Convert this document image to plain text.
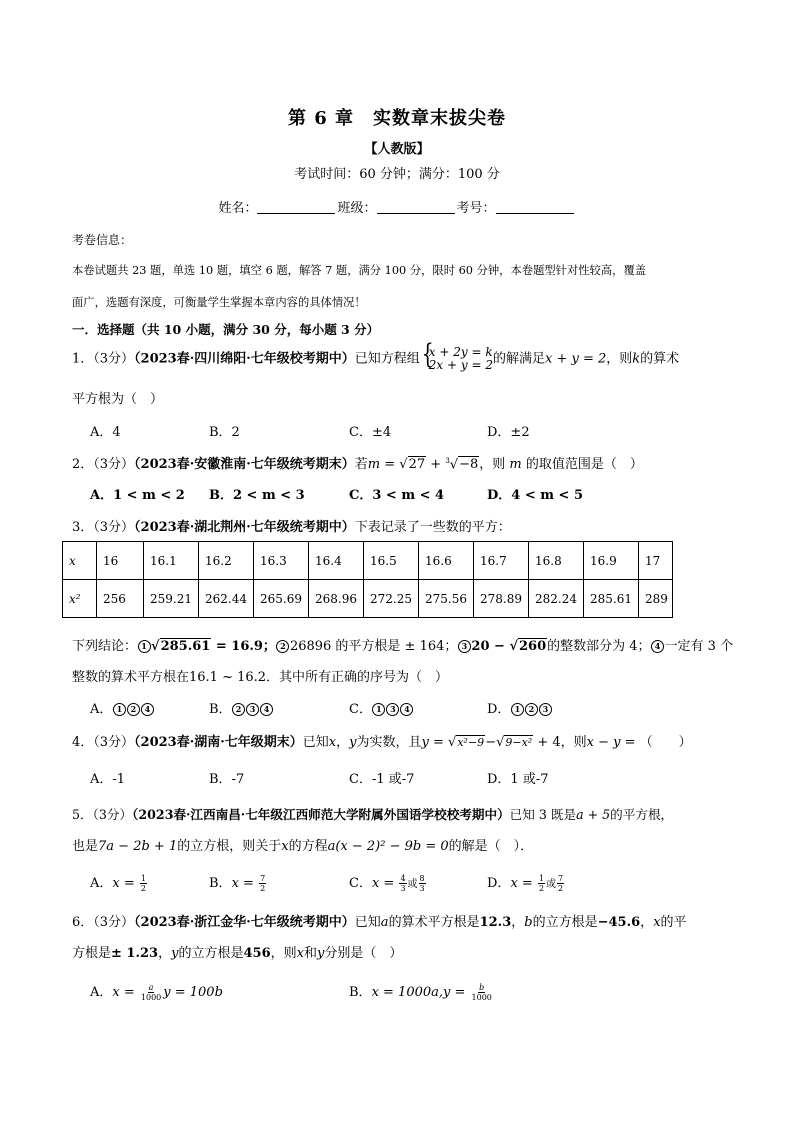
第 6 章　实数章末拔尖卷
【人教版】
考试时间：60 分钟；满分：100 分
姓名：	班级：	考号：
考卷信息：
本卷试题共 23 题，单选 10 题，填空 6 题，解答 7 题，满分 100 分，限时 60 分钟，本卷题型针对性较高，覆盖
面广，选题有深度，可衡量学生掌握本章内容的具体情况！
一．选择题（共 10 小题，满分 30 分，每小题 3 分）
1．（3分）（2023春·四川绵阳·七年级校考期中）已知方程组 { x + 2y = k
2x + y = 2 的解满足x + y = 2，则k的算术
平方根为（　）
A．4	B．2	C．±4	D．±2
2．（3分）（2023春·安徽淮南·七年级统考期末）若m = √27 + $^3$√−8，则 m 的取值范围是（　）
A．1 < m < 2 B．2 < m < 3	C．3 < m < 4	D．4 < m < 5
3．（3分）（2023春·湖北荆州·七年级统考期中）下表记录了一些数的平方：
x	16	16.1	16.2	16.3	16.4	16.5	16.6	16.7	16.8	16.9	17
x²	256	259.21	262.44	265.69	268.96	272.25	275.56	278.89	282.24	285.61	289
下列结论： 1 √285.61 = 16.9； 2 26896 的平方根是 ± 164； 3 20 − √260的整数部分为 4； 4 一定有 3 个
整数的算术平方根在16.1 ~ 16.2．其中所有正确的序号为（　）
A． 1 2 4	B． 2 3 4	C． 1 3 4	D． 1 2 3
4．（3分）（2023春·湖南·七年级期末）已知x，y为实数，且y = √x²−9−√9−x² + 4，则x − y = （　　）
A．-1	B．-7	C．-1 或-7	D．1 或-7
5．（3分）（2023春·江西南昌·七年级江西师范大学附属外国语学校校考期中）已知 3 既是a + 5的平方根，
也是7a − 2b + 1的立方根，则关于x的方程a(x − 2)² − 9b = 0的解是（　）．
A．$x = \frac{1}{2}$	B．$x = \frac{7}{2}$	C．$x = \frac{4}{3}$ 或 $\frac{8}{3}$	D．$x = \frac{1}{2}$ 或 $\frac{7}{2}$
6．（3分）（2023春·浙江金华·七年级统考期中）已知a的算术平方根是12.3，b的立方根是−45.6，x的平
方根是± 1.23，y的立方根是456，则x和y分别是（　）
A．$x = \frac{a}{1000}$ y = 100b	B．$x = 1000a,y = \frac{b}{1000}$
